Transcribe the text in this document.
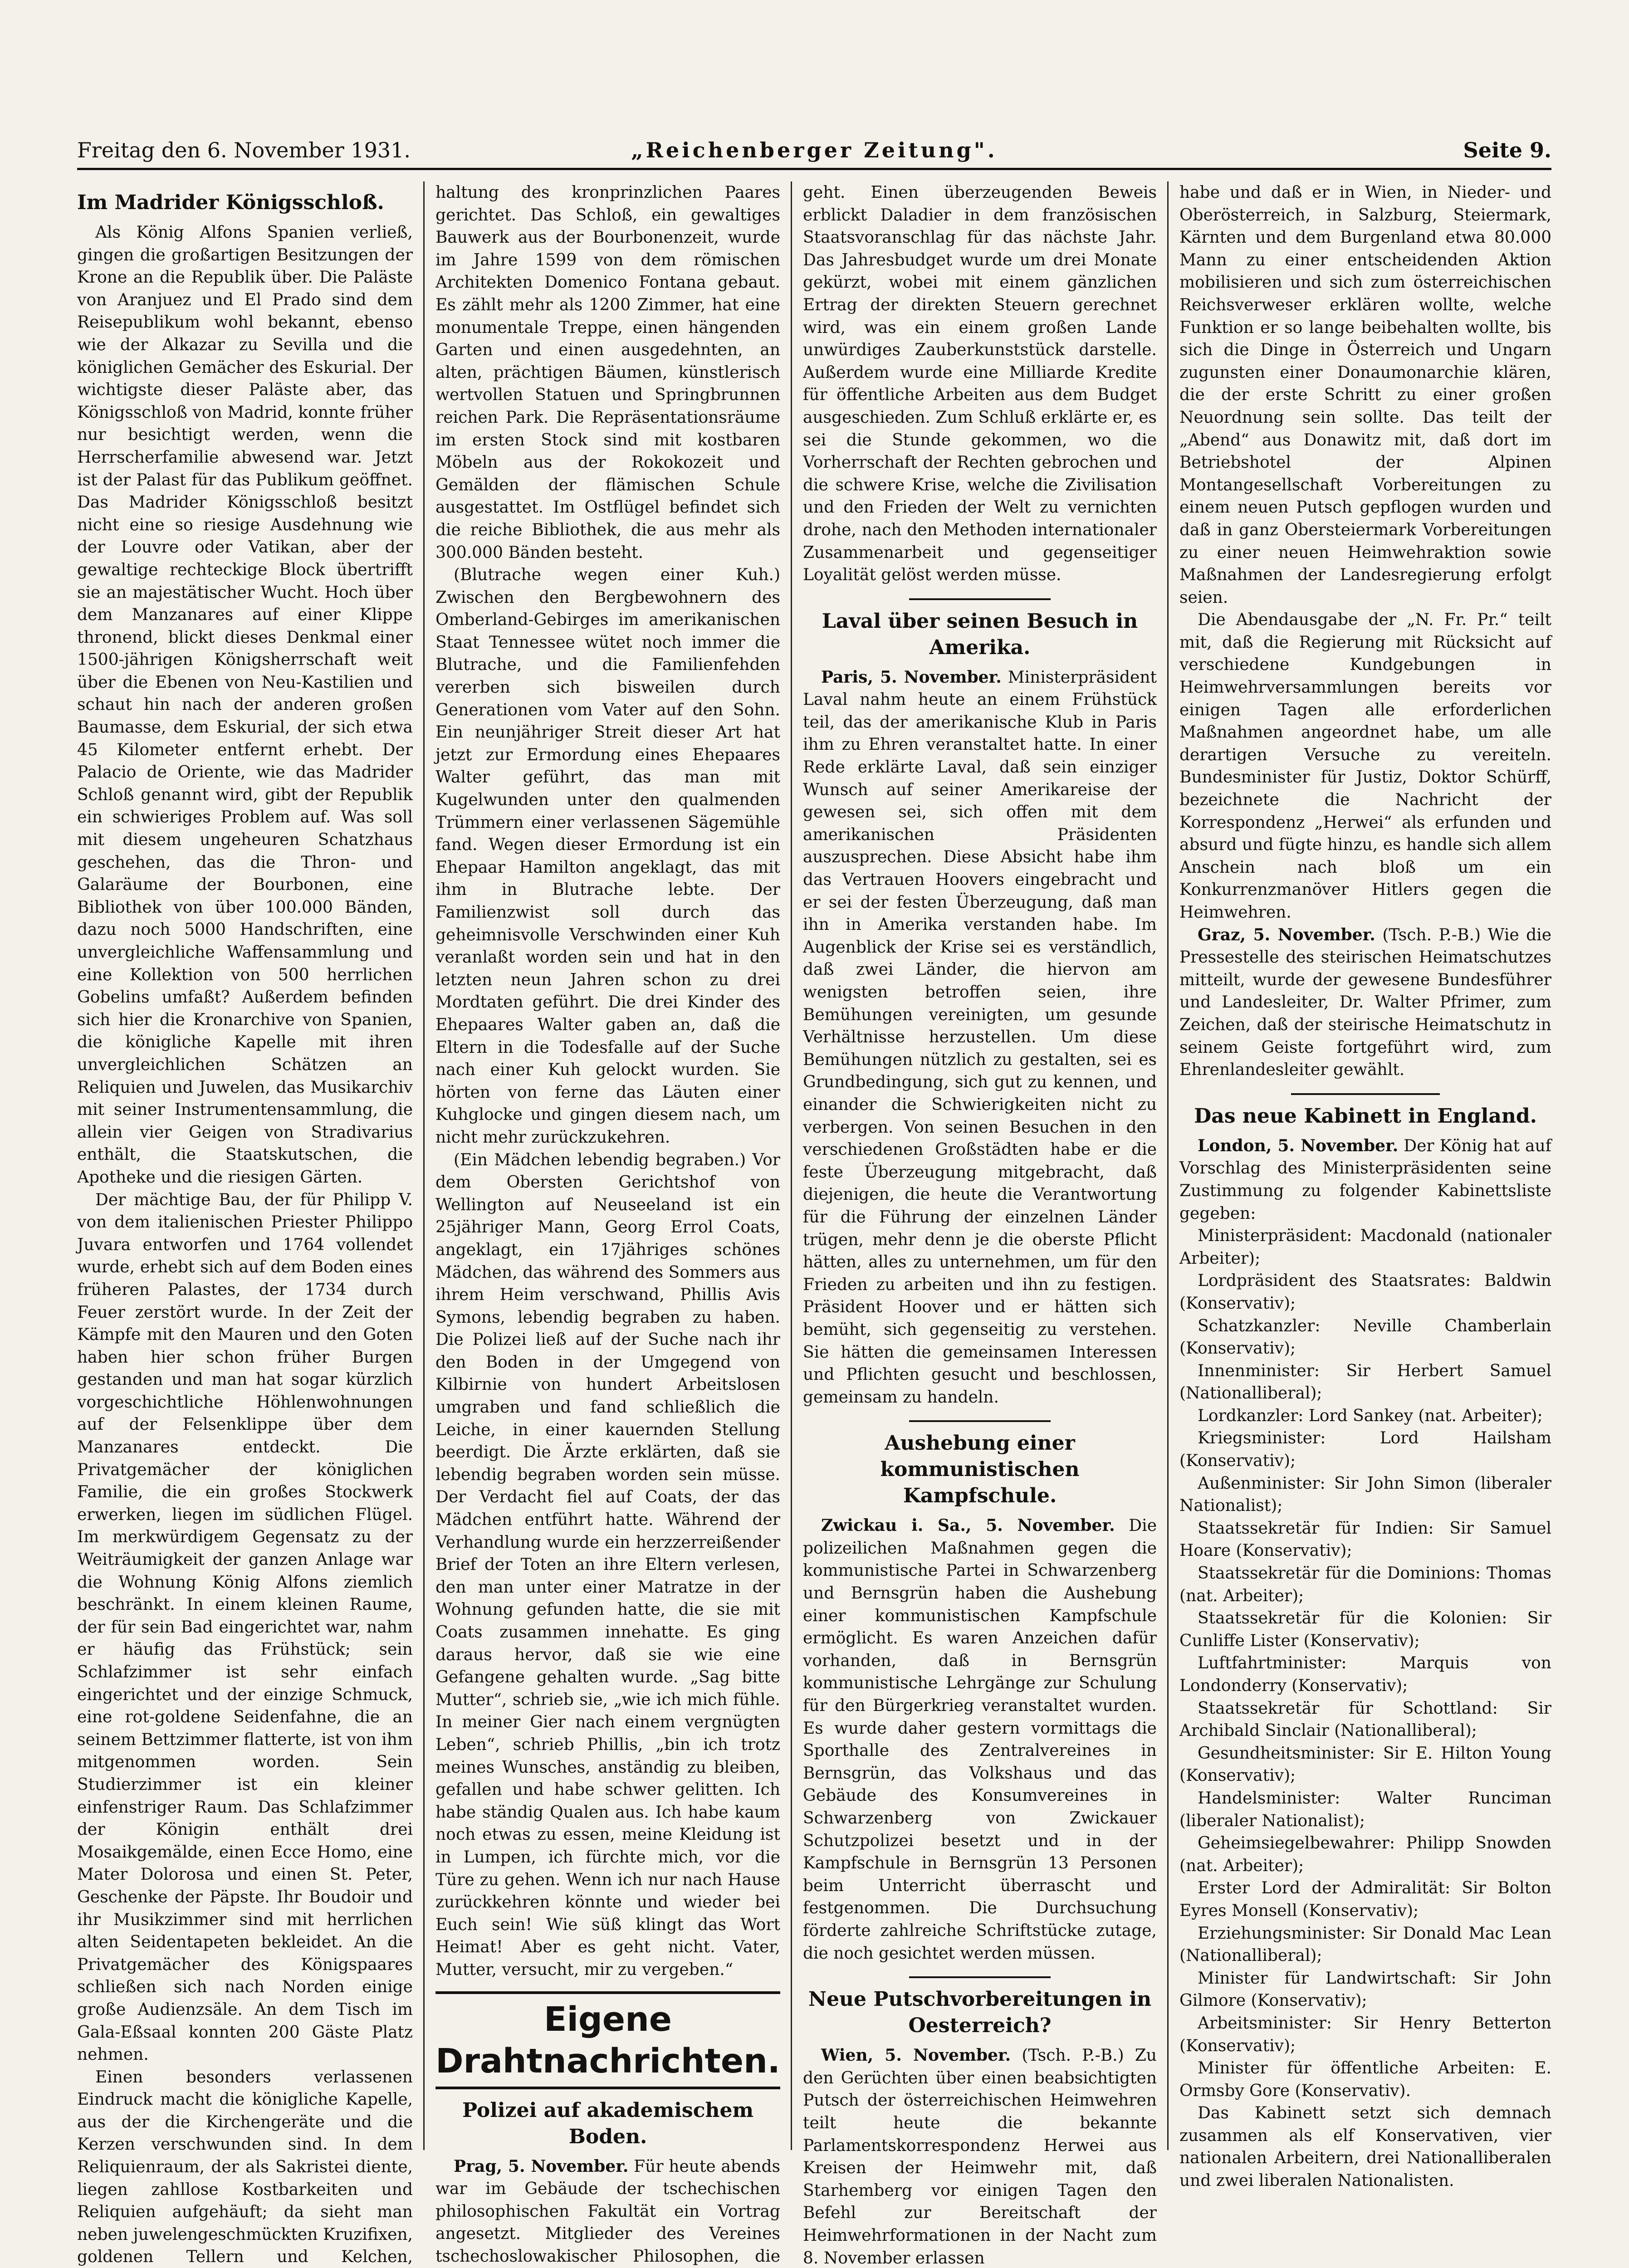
Freitag den 6. November 1931.	„Reichenberger Zeitung".	Seite 9.
Im Madrider Königsschloß.

Als König Alfons Spanien verließ, gingen die großartigen Besitzungen der Krone an die Republik über. Die Paläste von Aranjuez und El Prado sind dem Reisepublikum wohl bekannt, ebenso wie der Alkazar zu Sevilla und die königlichen Gemächer des Eskurial. Der wichtigste dieser Paläste aber, das Königsschloß von Madrid, konnte früher nur besichtigt werden, wenn die Herrscherfamilie abwesend war. Jetzt ist der Palast für das Publikum geöffnet. Das Madrider Königsschloß besitzt nicht eine so riesige Ausdehnung wie der Louvre oder Vatikan, aber der gewaltige rechteckige Block übertrifft sie an majestätischer Wucht. Hoch über dem Manzanares auf einer Klippe thronend, blickt dieses Denkmal einer 1500-jährigen Königsherrschaft weit über die Ebenen von Neu-Kastilien und schaut hin nach der anderen großen Baumasse, dem Eskurial, der sich etwa 45 Kilometer entfernt erhebt. Der Palacio de Oriente, wie das Madrider Schloß genannt wird, gibt der Republik ein schwieriges Problem auf. Was soll mit diesem ungeheuren Schatzhaus geschehen, das die Thron- und Galaräume der Bourbonen, eine Bibliothek von über 100.000 Bänden, dazu noch 5000 Handschriften, eine unvergleichliche Waffensammlung und eine Kollektion von 500 herrlichen Gobelins umfaßt? Außerdem befinden sich hier die Kronarchive von Spanien, die königliche Kapelle mit ihren unvergleichlichen Schätzen an Reliquien und Juwelen, das Musikarchiv mit seiner Instrumentensammlung, die allein vier Geigen von Stradivarius enthält, die Staatskutschen, die Apotheke und die riesigen Gärten.

Der mächtige Bau, der für Philipp V. von dem italienischen Priester Philippo Juvara entworfen und 1764 vollendet wurde, erhebt sich auf dem Boden eines früheren Palastes, der 1734 durch Feuer zerstört wurde. In der Zeit der Kämpfe mit den Mauren und den Goten haben hier schon früher Burgen gestanden und man hat sogar kürzlich vorgeschichtliche Höhlenwohnungen auf der Felsenklippe über dem Manzanares entdeckt. Die Privatgemächer der königlichen Familie, die ein großes Stockwerk erwerken, liegen im südlichen Flügel. Im merkwürdigem Gegensatz zu der Weiträumigkeit der ganzen Anlage war die Wohnung König Alfons ziemlich beschränkt. In einem kleinen Raume, der für sein Bad eingerichtet war, nahm er häufig das Frühstück; sein Schlafzimmer ist sehr einfach eingerichtet und der einzige Schmuck, eine rot-goldene Seidenfahne, die an seinem Bettzimmer flatterte, ist von ihm mitgenommen worden. Sein Studierzimmer ist ein kleiner einfenstriger Raum. Das Schlafzimmer der Königin enthält drei Mosaikgemälde, einen Ecce Homo, eine Mater Dolorosa und einen St. Peter, Geschenke der Päpste. Ihr Boudoir und ihr Musikzimmer sind mit herrlichen alten Seidentapeten bekleidet. An die Privatgemächer des Königspaares schließen sich nach Norden einige große Audienzsäle. An dem Tisch im Gala-Eßsaal konnten 200 Gäste Platz nehmen.

Einen besonders verlassenen Eindruck macht die königliche Kapelle, aus der die Kirchengeräte und die Kerzen verschwunden sind. In dem Reliquienraum, der als Sakristei diente, liegen zahllose Kostbarkeiten und Reliquien aufgehäuft; da sieht man neben juwelengeschmückten Kruzifixen, goldenen Tellern und Kelchen,

haltung des kronprinzlichen Paares gerichtet. Das Schloß, ein gewaltiges Bauwerk aus der Bourbonenzeit, wurde im Jahre 1599 von dem römischen Architekten Domenico Fontana gebaut. Es zählt mehr als 1200 Zimmer, hat eine monumentale Treppe, einen hängenden Garten und einen ausgedehnten, an alten, prächtigen Bäumen, künstlerisch wertvollen Statuen und Springbrunnen reichen Park. Die Repräsentationsräume im ersten Stock sind mit kostbaren Möbeln aus der Rokokozeit und Gemälden der flämischen Schule ausgestattet. Im Ostflügel befindet sich die reiche Bibliothek, die aus mehr als 300.000 Bänden besteht.

(Blutrache wegen einer Kuh.) Zwischen den Bergbewohnern des Omberland-Gebirges im amerikanischen Staat Tennessee wütet noch immer die Blutrache, und die Familienfehden vererben sich bisweilen durch Generationen vom Vater auf den Sohn. Ein neunjähriger Streit dieser Art hat jetzt zur Ermordung eines Ehepaares Walter geführt, das man mit Kugelwunden unter den qualmenden Trümmern einer verlassenen Sägemühle fand. Wegen dieser Ermordung ist ein Ehepaar Hamilton angeklagt, das mit ihm in Blutrache lebte. Der Familienzwist soll durch das geheimnisvolle Verschwinden einer Kuh veranlaßt worden sein und hat in den letzten neun Jahren schon zu drei Mordtaten geführt. Die drei Kinder des Ehepaares Walter gaben an, daß die Eltern in die Todesfalle auf der Suche nach einer Kuh gelockt wurden. Sie hörten von ferne das Läuten einer Kuhglocke und gingen diesem nach, um nicht mehr zurückzukehren.

(Ein Mädchen lebendig begraben.) Vor dem Obersten Gerichtshof von Wellington auf Neuseeland ist ein 25jähriger Mann, Georg Errol Coats, angeklagt, ein 17jähriges schönes Mädchen, das während des Sommers aus ihrem Heim verschwand, Phillis Avis Symons, lebendig begraben zu haben. Die Polizei ließ auf der Suche nach ihr den Boden in der Umgegend von Kilbirnie von hundert Arbeitslosen umgraben und fand schließlich die Leiche, in einer kauernden Stellung beerdigt. Die Ärzte erklärten, daß sie lebendig begraben worden sein müsse. Der Verdacht fiel auf Coats, der das Mädchen entführt hatte. Während der Verhandlung wurde ein herzzerreißender Brief der Toten an ihre Eltern verlesen, den man unter einer Matratze in der Wohnung gefunden hatte, die sie mit Coats zusammen innehatte. Es ging daraus hervor, daß sie wie eine Gefangene gehalten wurde. „Sag bitte Mutter“, schrieb sie, „wie ich mich fühle. In meiner Gier nach einem vergnügten Leben“, schrieb Phillis, „bin ich trotz meines Wunsches, anständig zu bleiben, gefallen und habe schwer gelitten. Ich habe ständig Qualen aus. Ich habe kaum noch etwas zu essen, meine Kleidung ist in Lumpen, ich fürchte mich, vor die Türe zu gehen. Wenn ich nur nach Hause zurückkehren könnte und wieder bei Euch sein! Wie süß klingt das Wort Heimat! Aber es geht nicht. Vater, Mutter, versucht, mir zu vergeben.“

Eigene Drahtnachrichten.
Polizei auf akademischem Boden.

Prag, 5. November. Für heute abends war im Gebäude der tschechischen philosophischen Fakultät ein Vortrag angesetzt. Mitglieder des Vereines tschechoslowakischer Philosophen, die

geht. Einen überzeugenden Beweis erblickt Daladier in dem französischen Staatsvoranschlag für das nächste Jahr. Das Jahresbudget wurde um drei Monate gekürzt, wobei mit einem gänzlichen Ertrag der direkten Steuern gerechnet wird, was ein einem großen Lande unwürdiges Zauberkunststück darstelle. Außerdem wurde eine Milliarde Kredite für öffentliche Arbeiten aus dem Budget ausgeschieden. Zum Schluß erklärte er, es sei die Stunde gekommen, wo die Vorherrschaft der Rechten gebrochen und die schwere Krise, welche die Zivilisation und den Frieden der Welt zu vernichten drohe, nach den Methoden internationaler Zusammenarbeit und gegenseitiger Loyalität gelöst werden müsse.

Laval über seinen Besuch in Amerika.

Paris, 5. November. Ministerpräsident Laval nahm heute an einem Frühstück teil, das der amerikanische Klub in Paris ihm zu Ehren veranstaltet hatte. In einer Rede erklärte Laval, daß sein einziger Wunsch auf seiner Amerikareise der gewesen sei, sich offen mit dem amerikanischen Präsidenten auszusprechen. Diese Absicht habe ihm das Vertrauen Hoovers eingebracht und er sei der festen Überzeugung, daß man ihn in Amerika verstanden habe. Im Augenblick der Krise sei es verständlich, daß zwei Länder, die hiervon am wenigsten betroffen seien, ihre Bemühungen vereinigten, um gesunde Verhältnisse herzustellen. Um diese Bemühungen nützlich zu gestalten, sei es Grundbedingung, sich gut zu kennen, und einander die Schwierigkeiten nicht zu verbergen. Von seinen Besuchen in den verschiedenen Großstädten habe er die feste Überzeugung mitgebracht, daß diejenigen, die heute die Verantwortung für die Führung der einzelnen Länder trügen, mehr denn je die oberste Pflicht hätten, alles zu unternehmen, um für den Frieden zu arbeiten und ihn zu festigen. Präsident Hoover und er hätten sich bemüht, sich gegenseitig zu verstehen. Sie hätten die gemeinsamen Interessen und Pflichten gesucht und beschlossen, gemeinsam zu handeln.

Aushebung einer kommunistischen Kampfschule.

Zwickau i. Sa., 5. November. Die polizeilichen Maßnahmen gegen die kommunistische Partei in Schwarzenberg und Bernsgrün haben die Aushebung einer kommunistischen Kampfschule ermöglicht. Es waren Anzeichen dafür vorhanden, daß in Bernsgrün kommunistische Lehrgänge zur Schulung für den Bürgerkrieg veranstaltet wurden. Es wurde daher gestern vormittags die Sporthalle des Zentralvereines in Bernsgrün, das Volkshaus und das Gebäude des Konsumvereines in Schwarzenberg von Zwickauer Schutzpolizei besetzt und in der Kampfschule in Bernsgrün 13 Personen beim Unterricht überrascht und festgenommen. Die Durchsuchung förderte zahlreiche Schriftstücke zutage, die noch gesichtet werden müssen.

Neue Putschvorbereitungen in Oesterreich?

Wien, 5. November. (Tsch. P.-B.) Zu den Gerüchten über einen beabsichtigten Putsch der österreichischen Heimwehren teilt heute die bekannte Parlamentskorrespondenz Herwei aus Kreisen der Heimwehr mit, daß Starhemberg vor einigen Tagen den Befehl zur Bereitschaft der Heimwehrformationen in der Nacht zum 8. November erlassen

habe und daß er in Wien, in Nieder- und Oberösterreich, in Salzburg, Steiermark, Kärnten und dem Burgenland etwa 80.000 Mann zu einer entscheidenden Aktion mobilisieren und sich zum österreichischen Reichsverweser erklären wollte, welche Funktion er so lange beibehalten wollte, bis sich die Dinge in Österreich und Ungarn zugunsten einer Donaumonarchie klären, die der erste Schritt zu einer großen Neuordnung sein sollte. Das teilt der „Abend“ aus Donawitz mit, daß dort im Betriebshotel der Alpinen Montangesellschaft Vorbereitungen zu einem neuen Putsch gepflogen wurden und daß in ganz Obersteiermark Vorbereitungen zu einer neuen Heimwehraktion sowie Maßnahmen der Landesregierung erfolgt seien.

Die Abendausgabe der „N. Fr. Pr.“ teilt mit, daß die Regierung mit Rücksicht auf verschiedene Kundgebungen in Heimwehrversammlungen bereits vor einigen Tagen alle erforderlichen Maßnahmen angeordnet habe, um alle derartigen Versuche zu vereiteln. Bundesminister für Justiz, Doktor Schürff, bezeichnete die Nachricht der Korrespondenz „Herwei“ als erfunden und absurd und fügte hinzu, es handle sich allem Anschein nach bloß um ein Konkurrenzmanöver Hitlers gegen die Heimwehren.

Graz, 5. November. (Tsch. P.-B.) Wie die Pressestelle des steirischen Heimatschutzes mitteilt, wurde der gewesene Bundesführer und Landesleiter, Dr. Walter Pfrimer, zum Zeichen, daß der steirische Heimatschutz in seinem Geiste fortgeführt wird, zum Ehrenlandesleiter gewählt.

Das neue Kabinett in England.

London, 5. November. Der König hat auf Vorschlag des Ministerpräsidenten seine Zustimmung zu folgender Kabinettsliste gegeben:

Ministerpräsident: Macdonald (nationaler Arbeiter);

Lordpräsident des Staatsrates: Baldwin (Konservativ);

Schatzkanzler: Neville Chamberlain (Konservativ);

Innenminister: Sir Herbert Samuel (Nationalliberal);

Lordkanzler: Lord Sankey (nat. Arbeiter);

Kriegsminister: Lord Hailsham (Konservativ);

Außenminister: Sir John Simon (liberaler Nationalist);

Staatssekretär für Indien: Sir Samuel Hoare (Konservativ);

Staatssekretär für die Dominions: Thomas (nat. Arbeiter);

Staatssekretär für die Kolonien: Sir Cunliffe Lister (Konservativ);

Luftfahrtminister: Marquis von Londonderry (Konservativ);

Staatssekretär für Schottland: Sir Archibald Sinclair (Nationalliberal);

Gesundheitsminister: Sir E. Hilton Young (Konservativ);

Handelsminister: Walter Runciman (liberaler Nationalist);

Geheimsiegelbewahrer: Philipp Snowden (nat. Arbeiter);

Erster Lord der Admiralität: Sir Bolton Eyres Monsell (Konservativ);

Erziehungsminister: Sir Donald Mac Lean (Nationalliberal);

Minister für Landwirtschaft: Sir John Gilmore (Konservativ);

Arbeitsminister: Sir Henry Betterton (Konservativ);

Minister für öffentliche Arbeiten: E. Ormsby Gore (Konservativ).

Das Kabinett setzt sich demnach zusammen als elf Konservativen, vier nationalen Arbeitern, drei Nationalliberalen und zwei liberalen Nationalisten.
